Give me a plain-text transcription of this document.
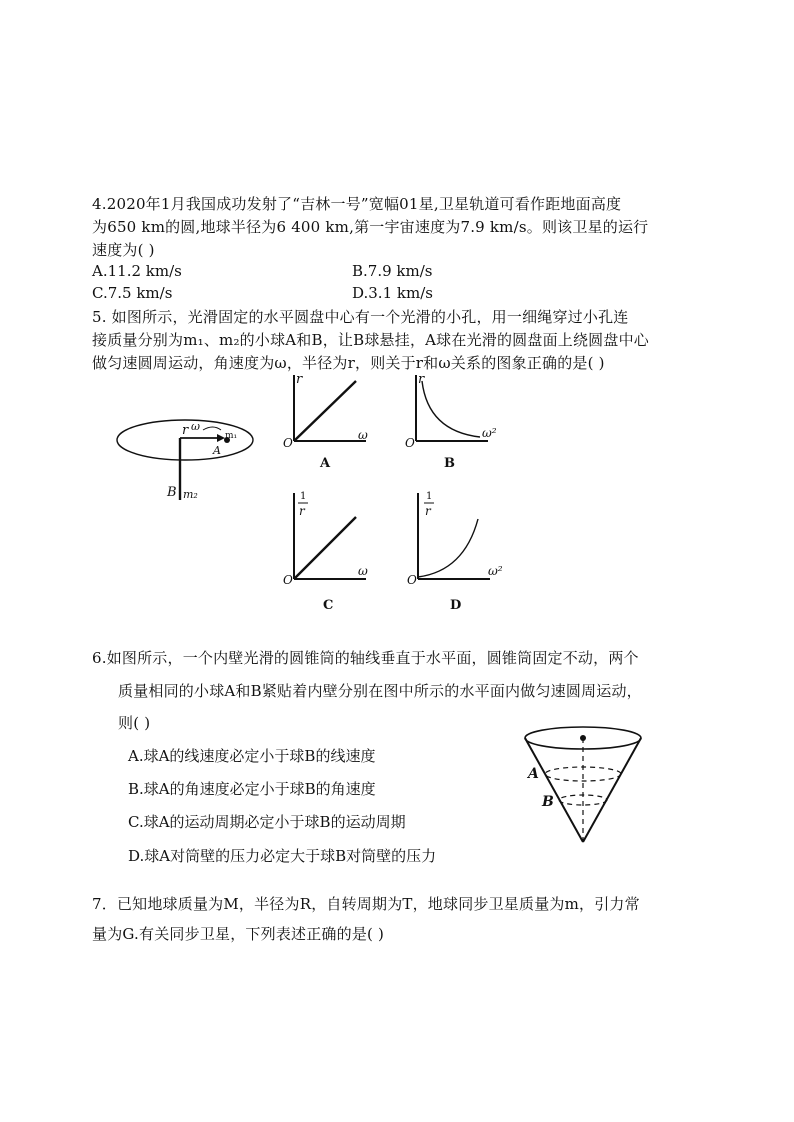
4.2020年1月我国成功发射了“吉林一号”宽幅01星,卫星轨道可看作距地面高度
为650 km的圆,地球半径为6 400 km,第一宇宙速度为7.9 km/s。则该卫星的运行
速度为( )
A.11.2 km/s	B.7.9 km/s
C.7.5 km/s	D.3.1 km/s
5. 如图所示，光滑固定的水平圆盘中心有一个光滑的小孔，用一细绳穿过小孔连
接质量分别为m₁、m₂的小球A和B，让B球悬挂，A球在光滑的圆盘面上绕圆盘中心
做匀速圆周运动，角速度为ω，半径为r，则关于r和ω关系的图象正确的是( )
r ω
m₁
A
B m₂
r
ω
O
A
r
ω²
O
B
1
r
ω
O
C
1
r
ω²
O
D
6.如图所示，一个内壁光滑的圆锥筒的轴线垂直于水平面，圆锥筒固定不动，两个
质量相同的小球A和B紧贴着内壁分别在图中所示的水平面内做匀速圆周运动，
则( )
A.球A的线速度必定小于球B的线速度
B.球A的角速度必定小于球B的角速度
C.球A的运动周期必定小于球B的运动周期
D.球A对筒壁的压力必定大于球B对筒壁的压力
A
B
7．已知地球质量为M，半径为R，自转周期为T，地球同步卫星质量为m，引力常
量为G.有关同步卫星，下列表述正确的是( )
